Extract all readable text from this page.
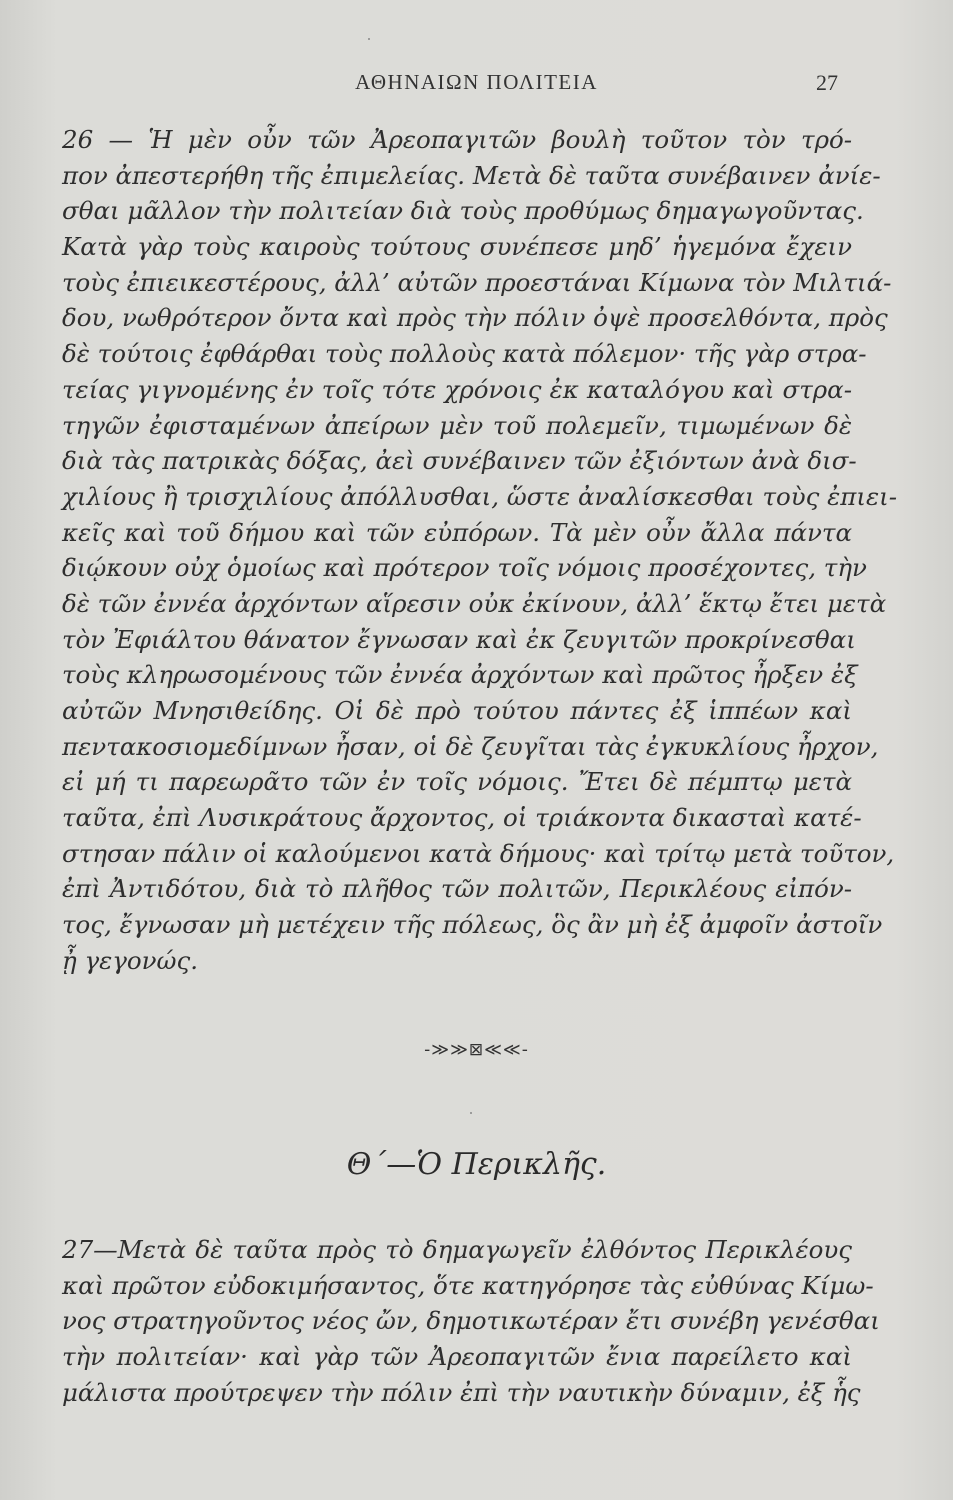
ΑΘΗΝΑΙΩΝ ΠΟΛΙΤΕΙΑ	27
26 — Ἡ μὲν οὖν τῶν Ἀρεοπαγιτῶν βουλὴ τοῦτον τὸν τρό-
πον ἀπεστερήθη τῆς ἐπιμελείας. Μετὰ δὲ ταῦτα συνέβαινεν ἀνίε-
σθαι μᾶλλον τὴν πολιτείαν διὰ τοὺς προθύμως δημαγωγοῦντας.
Κατὰ γὰρ τοὺς καιροὺς τούτους συνέπεσε μηδ’ ἡγεμόνα ἔχειν
τοὺς ἐπιεικεστέρους, ἀλλ’ αὐτῶν προεστάναι Κίμωνα τὸν Μιλτιά-
δου, νωθρότερον ὄντα καὶ πρὸς τὴν πόλιν ὀψὲ προσελθόντα, πρὸς
δὲ τούτοις ἐφθάρθαι τοὺς πολλοὺς κατὰ πόλεμον· τῆς γὰρ στρα-
τείας γιγνομένης ἐν τοῖς τότε χρόνοις ἐκ καταλόγου καὶ στρα-
τηγῶν ἐφισταμένων ἀπείρων μὲν τοῦ πολεμεῖν, τιμωμένων δὲ
διὰ τὰς πατρικὰς δόξας, ἀεὶ συνέβαινεν τῶν ἐξιόντων ἀνὰ δισ-
χιλίους ἢ τρισχιλίους ἀπόλλυσθαι, ὥστε ἀναλίσκεσθαι τοὺς ἐπιει-
κεῖς καὶ τοῦ δήμου καὶ τῶν εὐπόρων. Τὰ μὲν οὖν ἄλλα πάντα
διῴκουν οὐχ ὁμοίως καὶ πρότερον τοῖς νόμοις προσέχοντες, τὴν
δὲ τῶν ἐννέα ἀρχόντων αἵρεσιν οὐκ ἐκίνουν, ἀλλ’ ἕκτῳ ἔτει μετὰ
τὸν Ἐφιάλτου θάνατον ἔγνωσαν καὶ ἐκ ζευγιτῶν προκρίνεσθαι
τοὺς κληρωσομένους τῶν ἐννέα ἀρχόντων καὶ πρῶτος ἦρξεν ἐξ
αὐτῶν Μνησιθείδης. Οἱ δὲ πρὸ τούτου πάντες ἐξ ἱππέων καὶ
πεντακοσιομεδίμνων ἦσαν, οἱ δὲ ζευγῖται τὰς ἐγκυκλίους ἦρχον,
εἰ μή τι παρεωρᾶτο τῶν ἐν τοῖς νόμοις. Ἔτει δὲ πέμπτῳ μετὰ
ταῦτα, ἐπὶ Λυσικράτους ἄρχοντος, οἱ τριάκοντα δικασταὶ κατέ-
στησαν πάλιν οἱ καλούμενοι κατὰ δήμους· καὶ τρίτῳ μετὰ τοῦτον,
ἐπὶ Ἀντιδότου, διὰ τὸ πλῆθος τῶν πολιτῶν, Περικλέους εἰπόν-
τος, ἔγνωσαν μὴ μετέχειν τῆς πόλεως, ὃς ἂν μὴ ἐξ ἀμφοῖν ἀστοῖν
ᾖ γεγονώς.
-≫≫⊠≪≪-
Θ΄—Ὁ Περικλῆς.
27—Μετὰ δὲ ταῦτα πρὸς τὸ δημαγωγεῖν ἐλθόντος Περικλέους
καὶ πρῶτον εὐδοκιμήσαντος, ὅτε κατηγόρησε τὰς εὐθύνας Κίμω-
νος στρατηγοῦντος νέος ὤν, δημοτικωτέραν ἔτι συνέβη γενέσθαι
τὴν πολιτείαν· καὶ γὰρ τῶν Ἀρεοπαγιτῶν ἔνια παρείλετο καὶ
μάλιστα προύτρεψεν τὴν πόλιν ἐπὶ τὴν ναυτικὴν δύναμιν, ἐξ ἧς
